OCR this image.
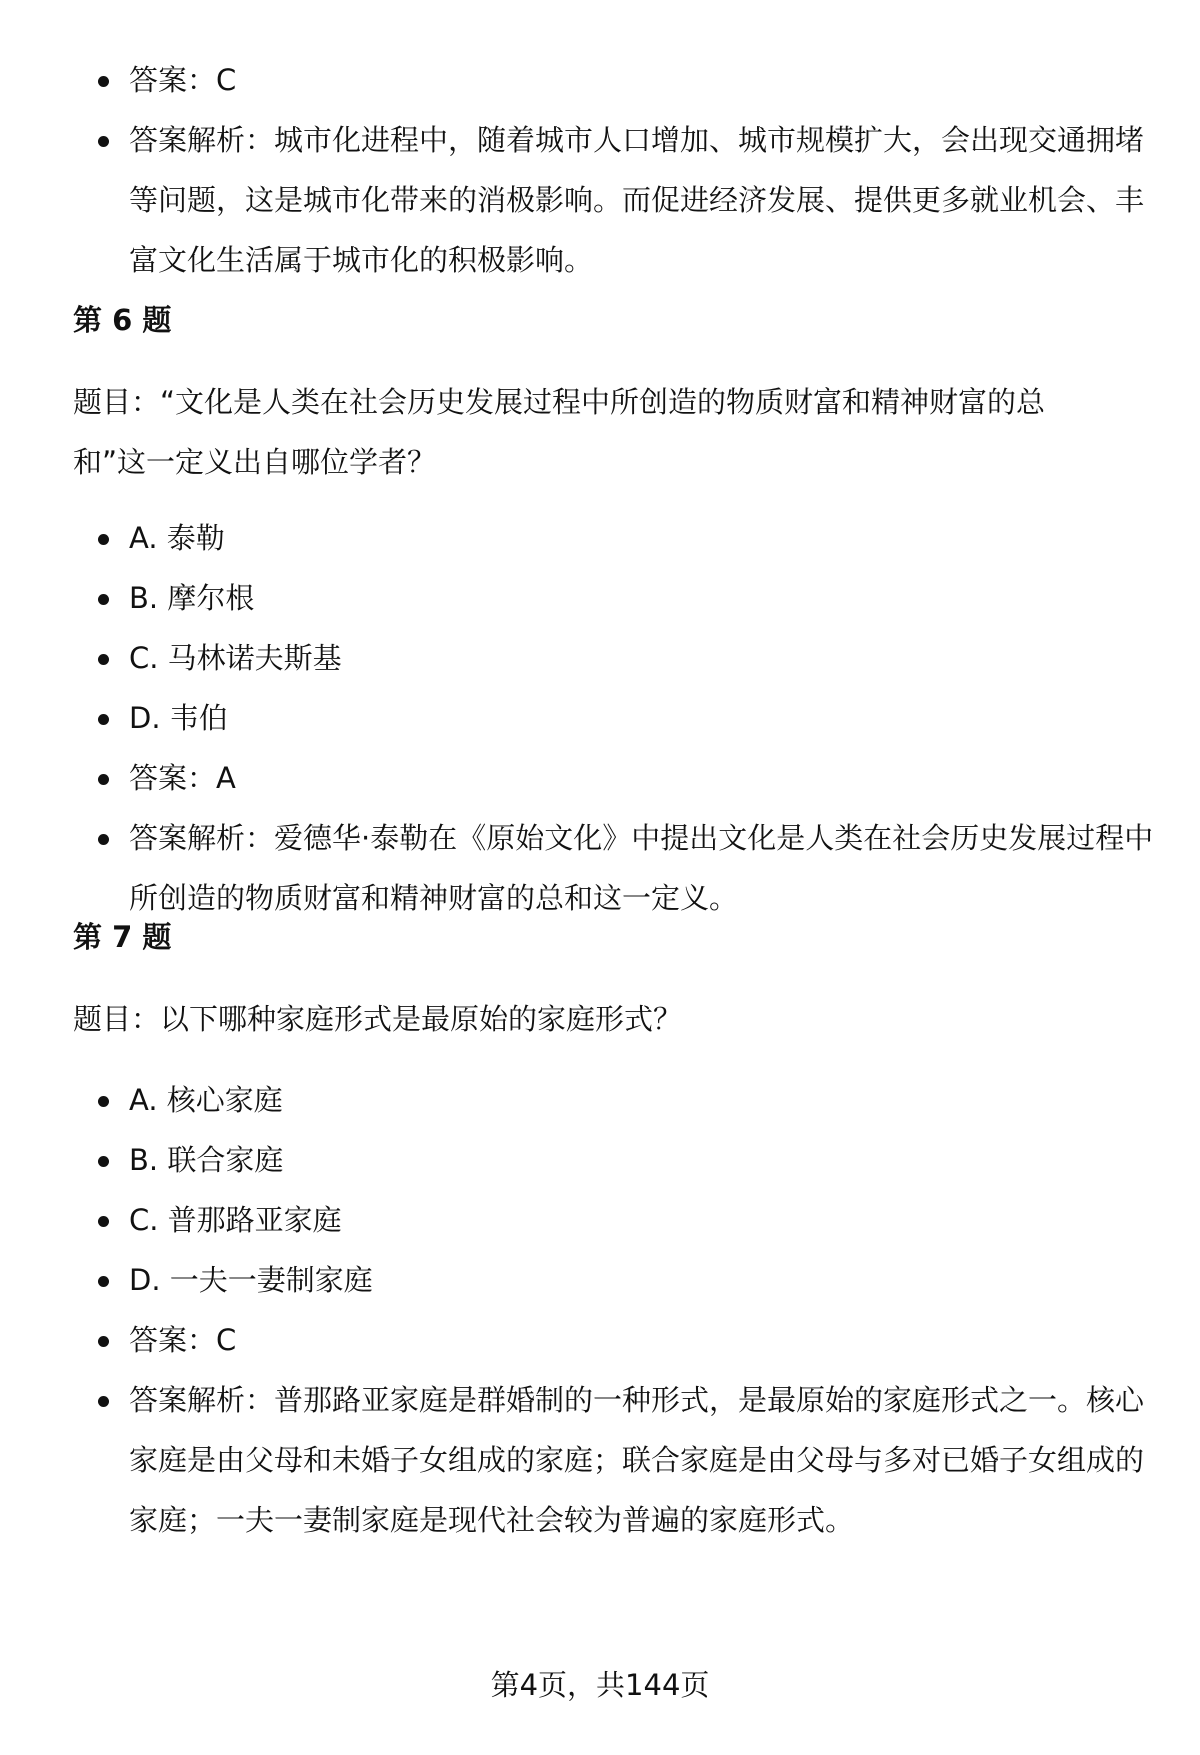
答案：C
答案解析：城市化进程中，随着城市人口增加、城市规模扩大，会出现交通拥堵等问题，这是城市化带来的消极影响。而促进经济发展、提供更多就业机会、丰富文化生活属于城市化的积极影响。
第 6 题

题目：“文化是人类在社会历史发展过程中所创造的物质财富和精神财富的总和”这一定义出自哪位学者？

A. 泰勒
B. 摩尔根
C. 马林诺夫斯基
D. 韦伯
答案：A
答案解析：爱德华·泰勒在《原始文化》中提出文化是人类在社会历史发展过程中所创造的物质财富和精神财富的总和这一定义。
第 7 题

题目：以下哪种家庭形式是最原始的家庭形式？

A. 核心家庭
B. 联合家庭
C. 普那路亚家庭
D. 一夫一妻制家庭
答案：C
答案解析：普那路亚家庭是群婚制的一种形式，是最原始的家庭形式之一。核心家庭是由父母和未婚子女组成的家庭；联合家庭是由父母与多对已婚子女组成的家庭；一夫一妻制家庭是现代社会较为普遍的家庭形式。
第4页，共144页
